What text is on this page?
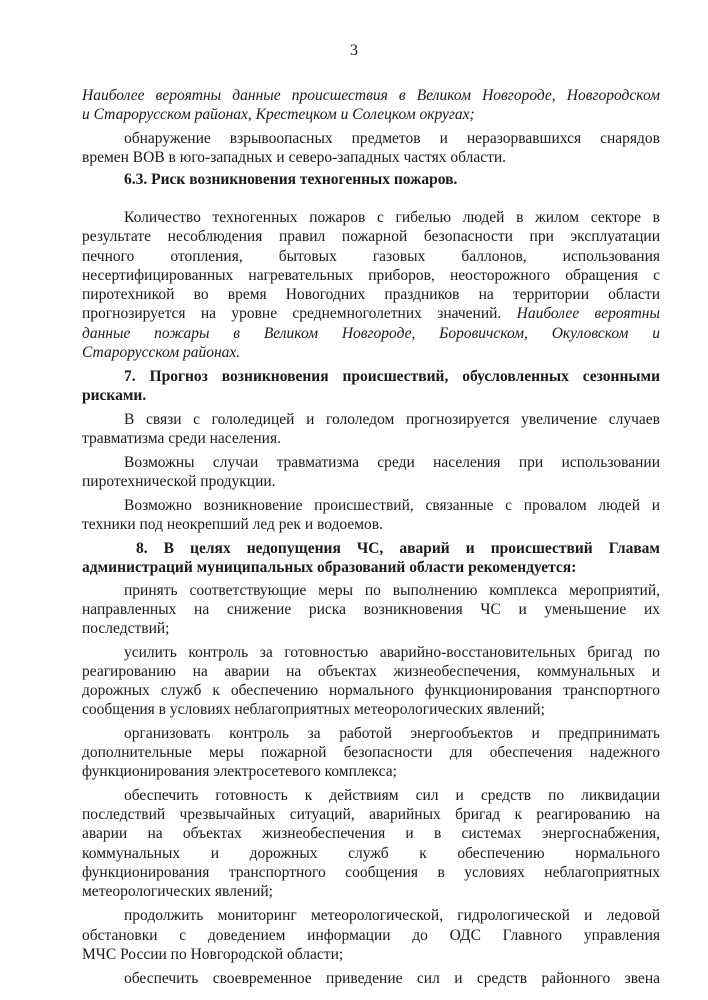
3
Наиболее вероятны данные происшествия в Великом Новгороде, Новгородском
и Старорусском районах, Крестецком и Солецком округах;
обнаружение взрывоопасных предметов и неразорвавшихся снарядов
времен ВОВ в юго-западных и северо-западных частях области.
6.3. Риск возникновения техногенных пожаров.
Количество техногенных пожаров с гибелью людей в жилом секторе в
результате несоблюдения правил пожарной безопасности при эксплуатации
печного отопления, бытовых газовых баллонов, использования
несертифицированных нагревательных приборов, неосторожного обращения с
пиротехникой во время Новогодних праздников на территории области
прогнозируется на уровне среднемноголетних значений. Наиболее вероятны
данные пожары в Великом Новгороде, Боровичском, Окуловском и
Старорусском районах.
7. Прогноз возникновения происшествий, обусловленных сезонными
рисками.
В связи с гололедицей и гололедом прогнозируется увеличение случаев
травматизма среди населения.
Возможны случаи травматизма среди населения при использовании
пиротехнической продукции.
Возможно возникновение происшествий, связанные с провалом людей и
техники под неокрепший лед рек и водоемов.
8. В целях недопущения ЧС, аварий и происшествий Главам
администраций муниципальных образований области рекомендуется:
принять соответствующие меры по выполнению комплекса мероприятий,
направленных на снижение риска возникновения ЧС и уменьшение их
последствий;
усилить контроль за готовностью аварийно-восстановительных бригад по
реагированию на аварии на объектах жизнеобеспечения, коммунальных и
дорожных служб к обеспечению нормального функционирования транспортного
сообщения в условиях неблагоприятных метеорологических явлений;
организовать контроль за работой энергообъектов и предпринимать
дополнительные меры пожарной безопасности для обеспечения надежного
функционирования электросетевого комплекса;
обеспечить готовность к действиям сил и средств по ликвидации
последствий чрезвычайных ситуаций, аварийных бригад к реагированию на
аварии на объектах жизнеобеспечения и в системах энергоснабжения,
коммунальных и дорожных служб к обеспечению нормального
функционирования транспортного сообщения в условиях неблагоприятных
метеорологических явлений;
продолжить мониторинг метеорологической, гидрологической и ледовой
обстановки с доведением информации до ОДС Главного управления
МЧС России по Новгородской области;
обеспечить своевременное приведение сил и средств районного звена
